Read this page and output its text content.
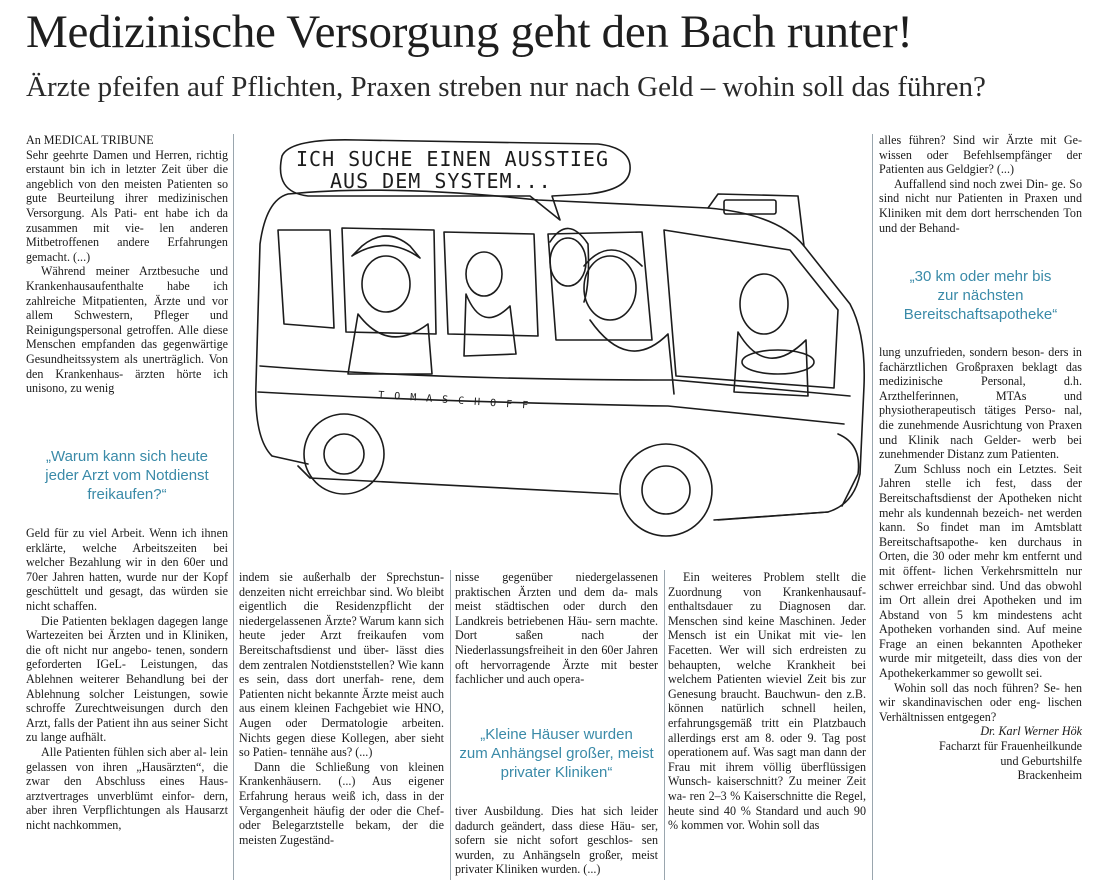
Medizinische Versorgung geht den Bach runter!
Ärzte pfeifen auf Pflichten, Praxen streben nur nach Geld – wohin soll das führen?

An MEDICAL TRIBUNE

Sehr geehrte Damen und Herren, richtig erstaunt bin ich in letzter Zeit über die angeblich von den meisten Patienten so gute Beurteilung ihrer medizinischen Versorgung. Als Pati- ent habe ich da zusammen mit vie- len anderen Mitbetroffenen andere Erfahrungen gemacht. (...)

Während meiner Arztbesuche und Krankenhausaufenthalte habe ich zahlreiche Mitpatienten, Ärzte und vor allem Schwestern, Pfleger und Reinigungspersonal getroffen. Alle diese Menschen empfanden das gegenwärtige Gesundheitssystem als unerträglich. Von den Krankenhaus- ärzten hörte ich unisono, zu wenig

„Warum kann sich heute
jeder Arzt vom Notdienst
freikaufen?“

Geld für zu viel Arbeit. Wenn ich ihnen erklärte, welche Arbeitszeiten bei welcher Bezahlung wir in den 60er und 70er Jahren hatten, wurde nur der Kopf geschüttelt und gesagt, das würden sie nicht schaffen.

Die Patienten beklagen dagegen lange Wartezeiten bei Ärzten und in Kliniken, die oft nicht nur angebo- tenen, sondern geforderten IGeL- Leistungen, das Ablehnen weiterer Behandlung bei der Ablehnung solcher Leistungen, sowie schroffe Zurechtweisungen durch den Arzt, falls der Patient ihn aus seiner Sicht zu lange aufhält.

Alle Patienten fühlen sich aber al- lein gelassen von ihren „Hausärzten“, die zwar den Abschluss eines Haus- arztvertrages unverblümt einfor- dern, aber ihren Verpflichtungen als Hausarzt nicht nachkommen,

ICH SUCHE EINEN AUSSTIEG
AUS DEM SYSTEM...
TOMASCHOFF

indem sie außerhalb der Sprechstun- denzeiten nicht erreichbar sind. Wo bleibt eigentlich die Residenzpflicht der niedergelassenen Ärzte? Warum kann sich heute jeder Arzt freikaufen vom Bereitschaftsdienst und über- lässt dies dem zentralen Notdienststellen? Wie kann es sein, dass dort unerfah- rene, dem Patienten nicht bekannte Ärzte meist auch aus einem kleinen Fachgebiet wie HNO, Augen oder Dermatologie arbeiten. Nichts gegen diese Kollegen, aber sieht so Patien- tennähe aus? (...)

Dann die Schließung von kleinen Krankenhäusern. (...) Aus eigener Erfahrung heraus weiß ich, dass in der Vergangenheit häufig der oder die Chef- oder Belegarztstelle bekam, der die meisten Zugeständ-

nisse gegenüber niedergelassenen praktischen Ärzten und dem da- mals meist städtischen oder durch den Landkreis betriebenen Häu- sern machte. Dort saßen nach der Niederlassungsfreiheit in den 60er Jahren oft hervorragende Ärzte mit bester fachlicher und auch opera-

„Kleine Häuser wurden
zum Anhängsel großer, meist
privater Kliniken“

tiver Ausbildung. Dies hat sich leider dadurch geändert, dass diese Häu- ser, sofern sie nicht sofort geschlos- sen wurden, zu Anhängseln großer, meist privater Kliniken wurden. (...)

Ein weiteres Problem stellt die Zuordnung von Krankenhausauf- enthaltsdauer zu Diagnosen dar. Menschen sind keine Maschinen. Jeder Mensch ist ein Unikat mit vie- len Facetten. Wer will sich erdreisten zu behaupten, welche Krankheit bei welchem Patienten wieviel Zeit bis zur Genesung braucht. Bauchwun- den z.B. können natürlich schnell heilen, erfahrungsgemäß tritt ein Platzbauch allerdings erst am 8. oder 9. Tag post operationem auf. Was sagt man dann der Frau mit ihrem völlig überflüssigen Wunsch- kaiserschnitt? Zu meiner Zeit wa- ren 2–3 % Kaiserschnitte die Regel, heute sind 40 % Standard und auch 90 % kommen vor. Wohin soll das

alles führen? Sind wir Ärzte mit Ge- wissen oder Befehlsempfänger der Patienten aus Geldgier? (...)

Auffallend sind noch zwei Din- ge. So sind nicht nur Patienten in Praxen und Kliniken mit dem dort herrschenden Ton und der Behand-

„30 km oder mehr bis
zur nächsten
Bereitschaftsapotheke“

lung unzufrieden, sondern beson- ders in fachärztlichen Großpraxen beklagt das medizinische Personal,	d.h. Arzthelferinnen, MTAs und physiotherapeutisch tätiges Perso- nal, die zunehmende Ausrichtung von Praxen und Klinik nach Gelder- werb bei zunehmender Distanz zum Patienten.

Zum Schluss noch ein Letztes. Seit Jahren stelle ich fest, dass der Bereitschaftsdienst der Apotheken nicht mehr als kundennah bezeich- net werden kann. So findet man im Amtsblatt Bereitschaftsapothe- ken durchaus in Orten, die 30 oder mehr km entfernt und mit öffent- lichen Verkehrsmitteln nur schwer erreichbar sind. Und das obwohl im Ort allein drei Apotheken und im Abstand von 5 km mindestens acht Apotheken vorhanden sind. Auf meine Frage an einen bekannten Apotheker wurde mir mitgeteilt, dass dies von der Apothekerkammer so gewollt sei.

Wohin soll das noch führen? Se- hen wir skandinavischen oder eng- lischen Verhältnissen entgegen?

Dr. Karl Werner Hök
Facharzt für Frauenheilkunde
und Geburtshilfe
Brackenheim
